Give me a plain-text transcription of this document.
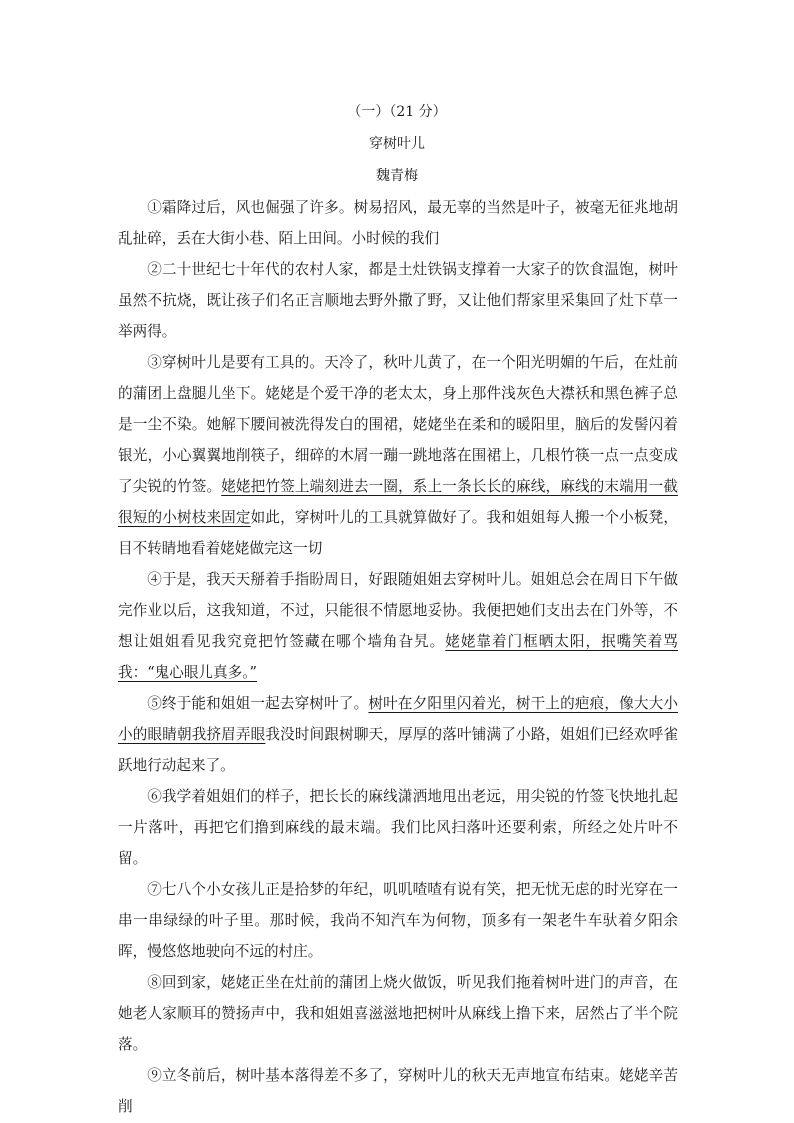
（一）（21 分）
穿树叶儿
魏青梅

①霜降过后，风也倔强了许多。树易招风，最无辜的当然是叶子，被毫无征兆地胡乱扯碎，丢在大街小巷、陌上田间。小时候的我们

②二十世纪七十年代的农村人家，都是土灶铁锅支撑着一大家子的饮食温饱，树叶虽然不抗烧，既让孩子们名正言顺地去野外撒了野，又让他们帮家里采集回了灶下草一举两得。

③穿树叶儿是要有工具的。天冷了，秋叶儿黄了，在一个阳光明媚的午后，在灶前的蒲团上盘腿儿坐下。姥姥是个爱干净的老太太，身上那件浅灰色大襟袄和黑色裤子总是一尘不染。她解下腰间被洗得发白的围裙，姥姥坐在柔和的暖阳里，脑后的发髻闪着银光，小心翼翼地削筷子，细碎的木屑一蹦一跳地落在围裙上，几根竹筷一点一点变成了尖锐的竹签。姥姥把竹签上端刻进去一圈，系上一条长长的麻线，麻线的末端用一截很短的小树枝来固定如此，穿树叶儿的工具就算做好了。我和姐姐每人搬一个小板凳，目不转睛地看着姥姥做完这一切

④于是，我天天掰着手指盼周日，好跟随姐姐去穿树叶儿。姐姐总会在周日下午做完作业以后，这我知道，不过，只能很不情愿地妥协。我便把她们支出去在门外等，不想让姐姐看见我究竟把竹签藏在哪个墙角旮旯。姥姥靠着门框晒太阳，抿嘴笑着骂我：“鬼心眼儿真多。”

⑤终于能和姐姐一起去穿树叶了。树叶在夕阳里闪着光，树干上的疤痕，像大大小小的眼睛朝我挤眉弄眼我没时间跟树聊天，厚厚的落叶铺满了小路，姐姐们已经欢呼雀跃地行动起来了。

⑥我学着姐姐们的样子，把长长的麻线潇洒地甩出老远，用尖锐的竹签飞快地扎起一片落叶，再把它们撸到麻线的最末端。我们比风扫落叶还要利索，所经之处片叶不留。

⑦七八个小女孩儿正是拾梦的年纪，叽叽喳喳有说有笑，把无忧无虑的时光穿在一串一串绿绿的叶子里。那时候，我尚不知汽车为何物，顶多有一架老牛车驮着夕阳余晖，慢悠悠地驶向不远的村庄。

⑧回到家，姥姥正坐在灶前的蒲团上烧火做饭，听见我们拖着树叶进门的声音，在她老人家顺耳的赞扬声中，我和姐姐喜滋滋地把树叶从麻线上撸下来，居然占了半个院落。

⑨立冬前后，树叶基本落得差不多了，穿树叶儿的秋天无声地宣布结束。姥姥辛苦削
